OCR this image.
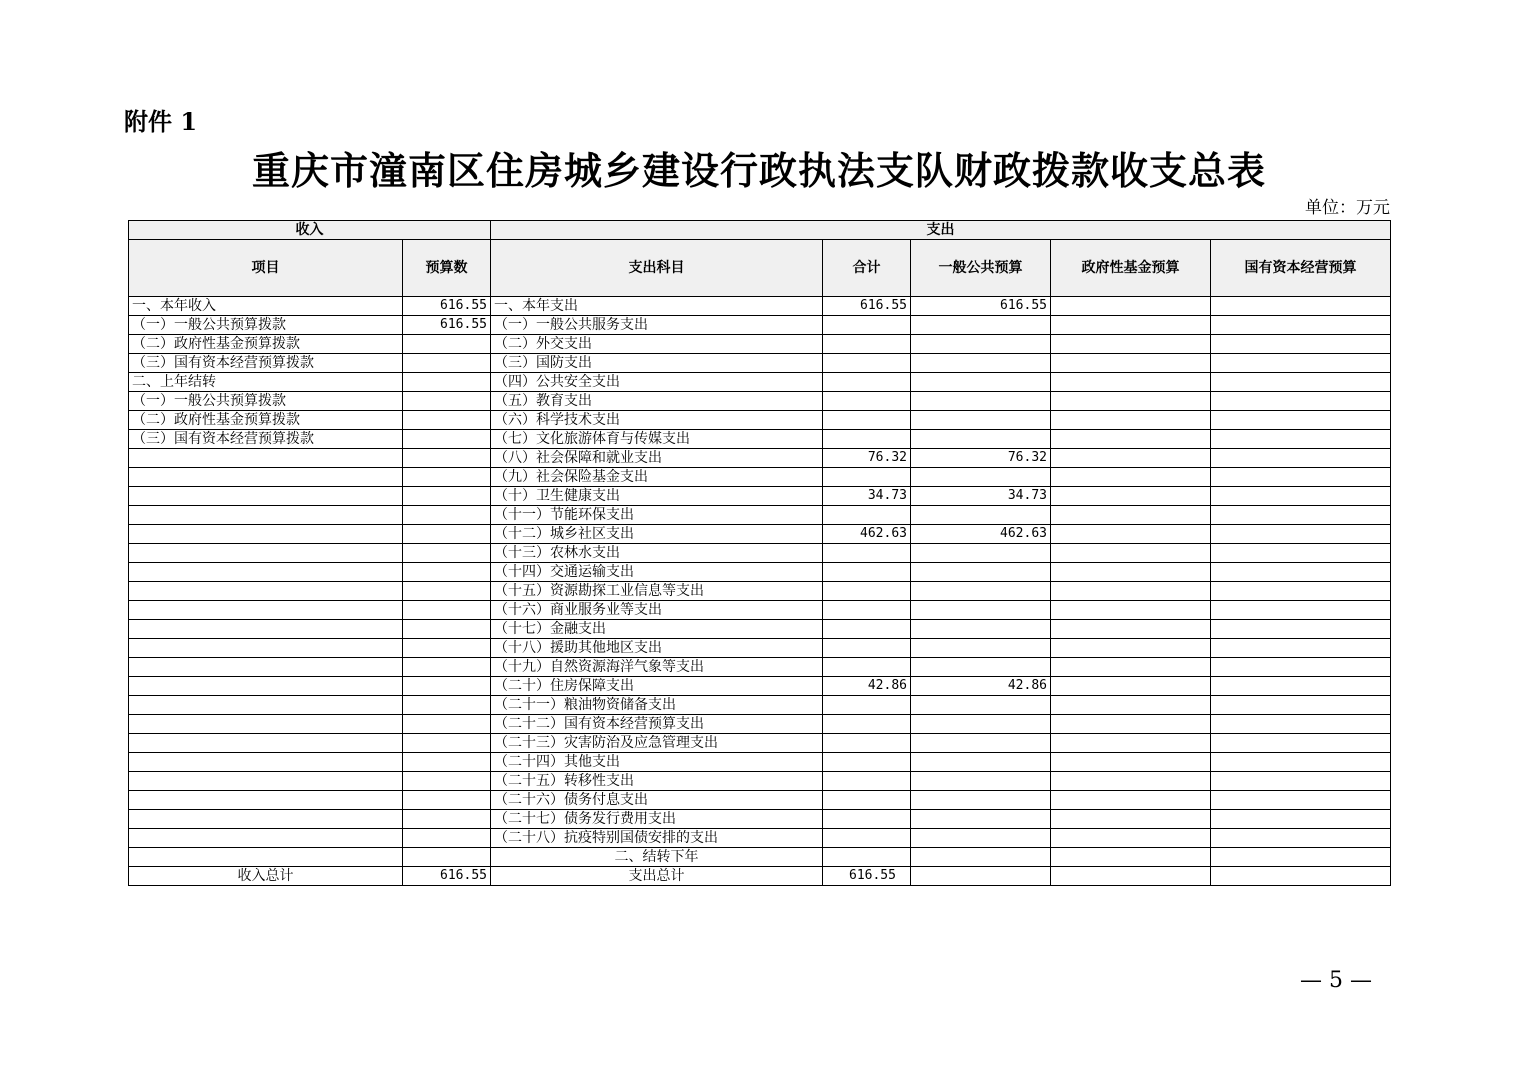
附件 1
重庆市潼南区住房城乡建设行政执法支队财政拨款收支总表
单位：万元
收入		支出				
项目	预算数	支出科目	合计	一般公共预算	政府性基金预算	国有资本经营预算
一、本年收入	616.55	一、本年支出	616.55	616.55		
（一）一般公共预算拨款	616.55	（一）一般公共服务支出				
（二）政府性基金预算拨款		（二）外交支出				
（三）国有资本经营预算拨款		（三）国防支出				
二、上年结转		（四）公共安全支出				
（一）一般公共预算拨款		（五）教育支出				
（二）政府性基金预算拨款		（六）科学技术支出				
（三）国有资本经营预算拨款		（七）文化旅游体育与传媒支出				
		（八）社会保障和就业支出	76.32	76.32		
		（九）社会保险基金支出				
		（十）卫生健康支出	34.73	34.73		
		（十一）节能环保支出				
		（十二）城乡社区支出	462.63	462.63		
		（十三）农林水支出				
		（十四）交通运输支出				
		（十五）资源勘探工业信息等支出				
		（十六）商业服务业等支出				
		（十七）金融支出				
		（十八）援助其他地区支出				
		（十九）自然资源海洋气象等支出				
		（二十）住房保障支出	42.86	42.86		
		（二十一）粮油物资储备支出				
		（二十二）国有资本经营预算支出				
		（二十三）灾害防治及应急管理支出				
		（二十四）其他支出				
		（二十五）转移性支出				
		（二十六）债务付息支出				
		（二十七）债务发行费用支出				
		（二十八）抗疫特别国债安排的支出				
		二、结转下年				
收入总计	616.55	支出总计	616.55			
— 5 —
